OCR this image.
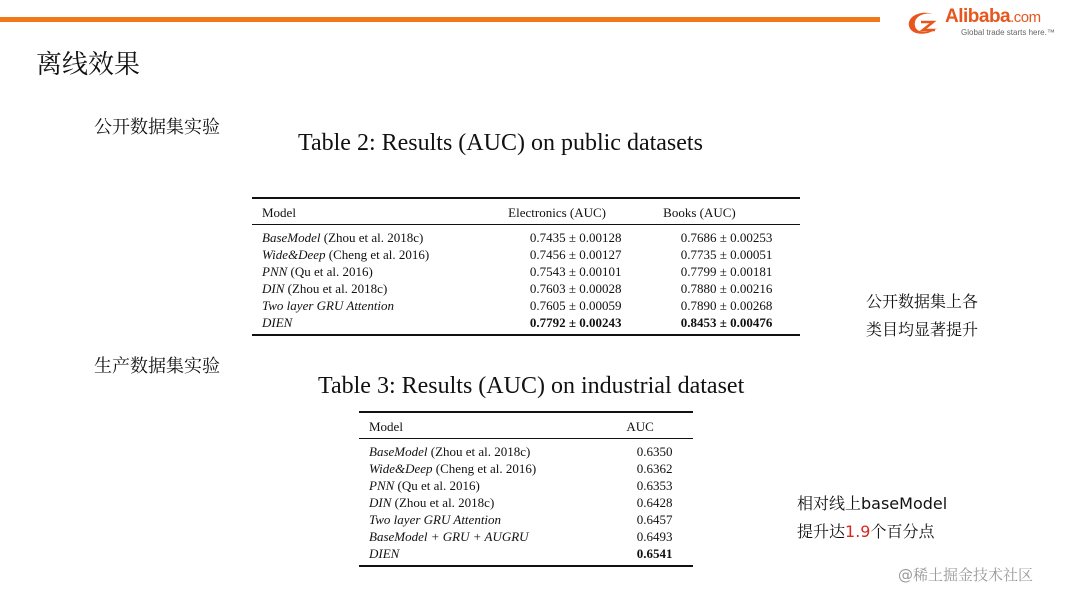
Alibaba.com
Global trade starts here.™
离线效果
公开数据集实验
Table 2: Results (AUC) on public datasets
Model	Electronics (AUC)	Books (AUC)
BaseModel (Zhou et al. 2018c)	0.7435 ± 0.00128	0.7686 ± 0.00253
Wide&Deep (Cheng et al. 2016)	0.7456 ± 0.00127	0.7735 ± 0.00051
PNN (Qu et al. 2016)	0.7543 ± 0.00101	0.7799 ± 0.00181
DIN (Zhou et al. 2018c)	0.7603 ± 0.00028	0.7880 ± 0.00216
Two layer GRU Attention	0.7605 ± 0.00059	0.7890 ± 0.00268
DIEN	0.7792 ± 0.00243	0.8453 ± 0.00476
公开数据集上各
类目均显著提升
生产数据集实验
Table 3: Results (AUC) on industrial dataset
Model	AUC
BaseModel (Zhou et al. 2018c)	0.6350
Wide&Deep (Cheng et al. 2016)	0.6362
PNN (Qu et al. 2016)	0.6353
DIN (Zhou et al. 2018c)	0.6428
Two layer GRU Attention	0.6457
BaseModel + GRU + AUGRU	0.6493
DIEN	0.6541
相对线上baseModel
提升达1.9个百分点
@稀土掘金技术社区
